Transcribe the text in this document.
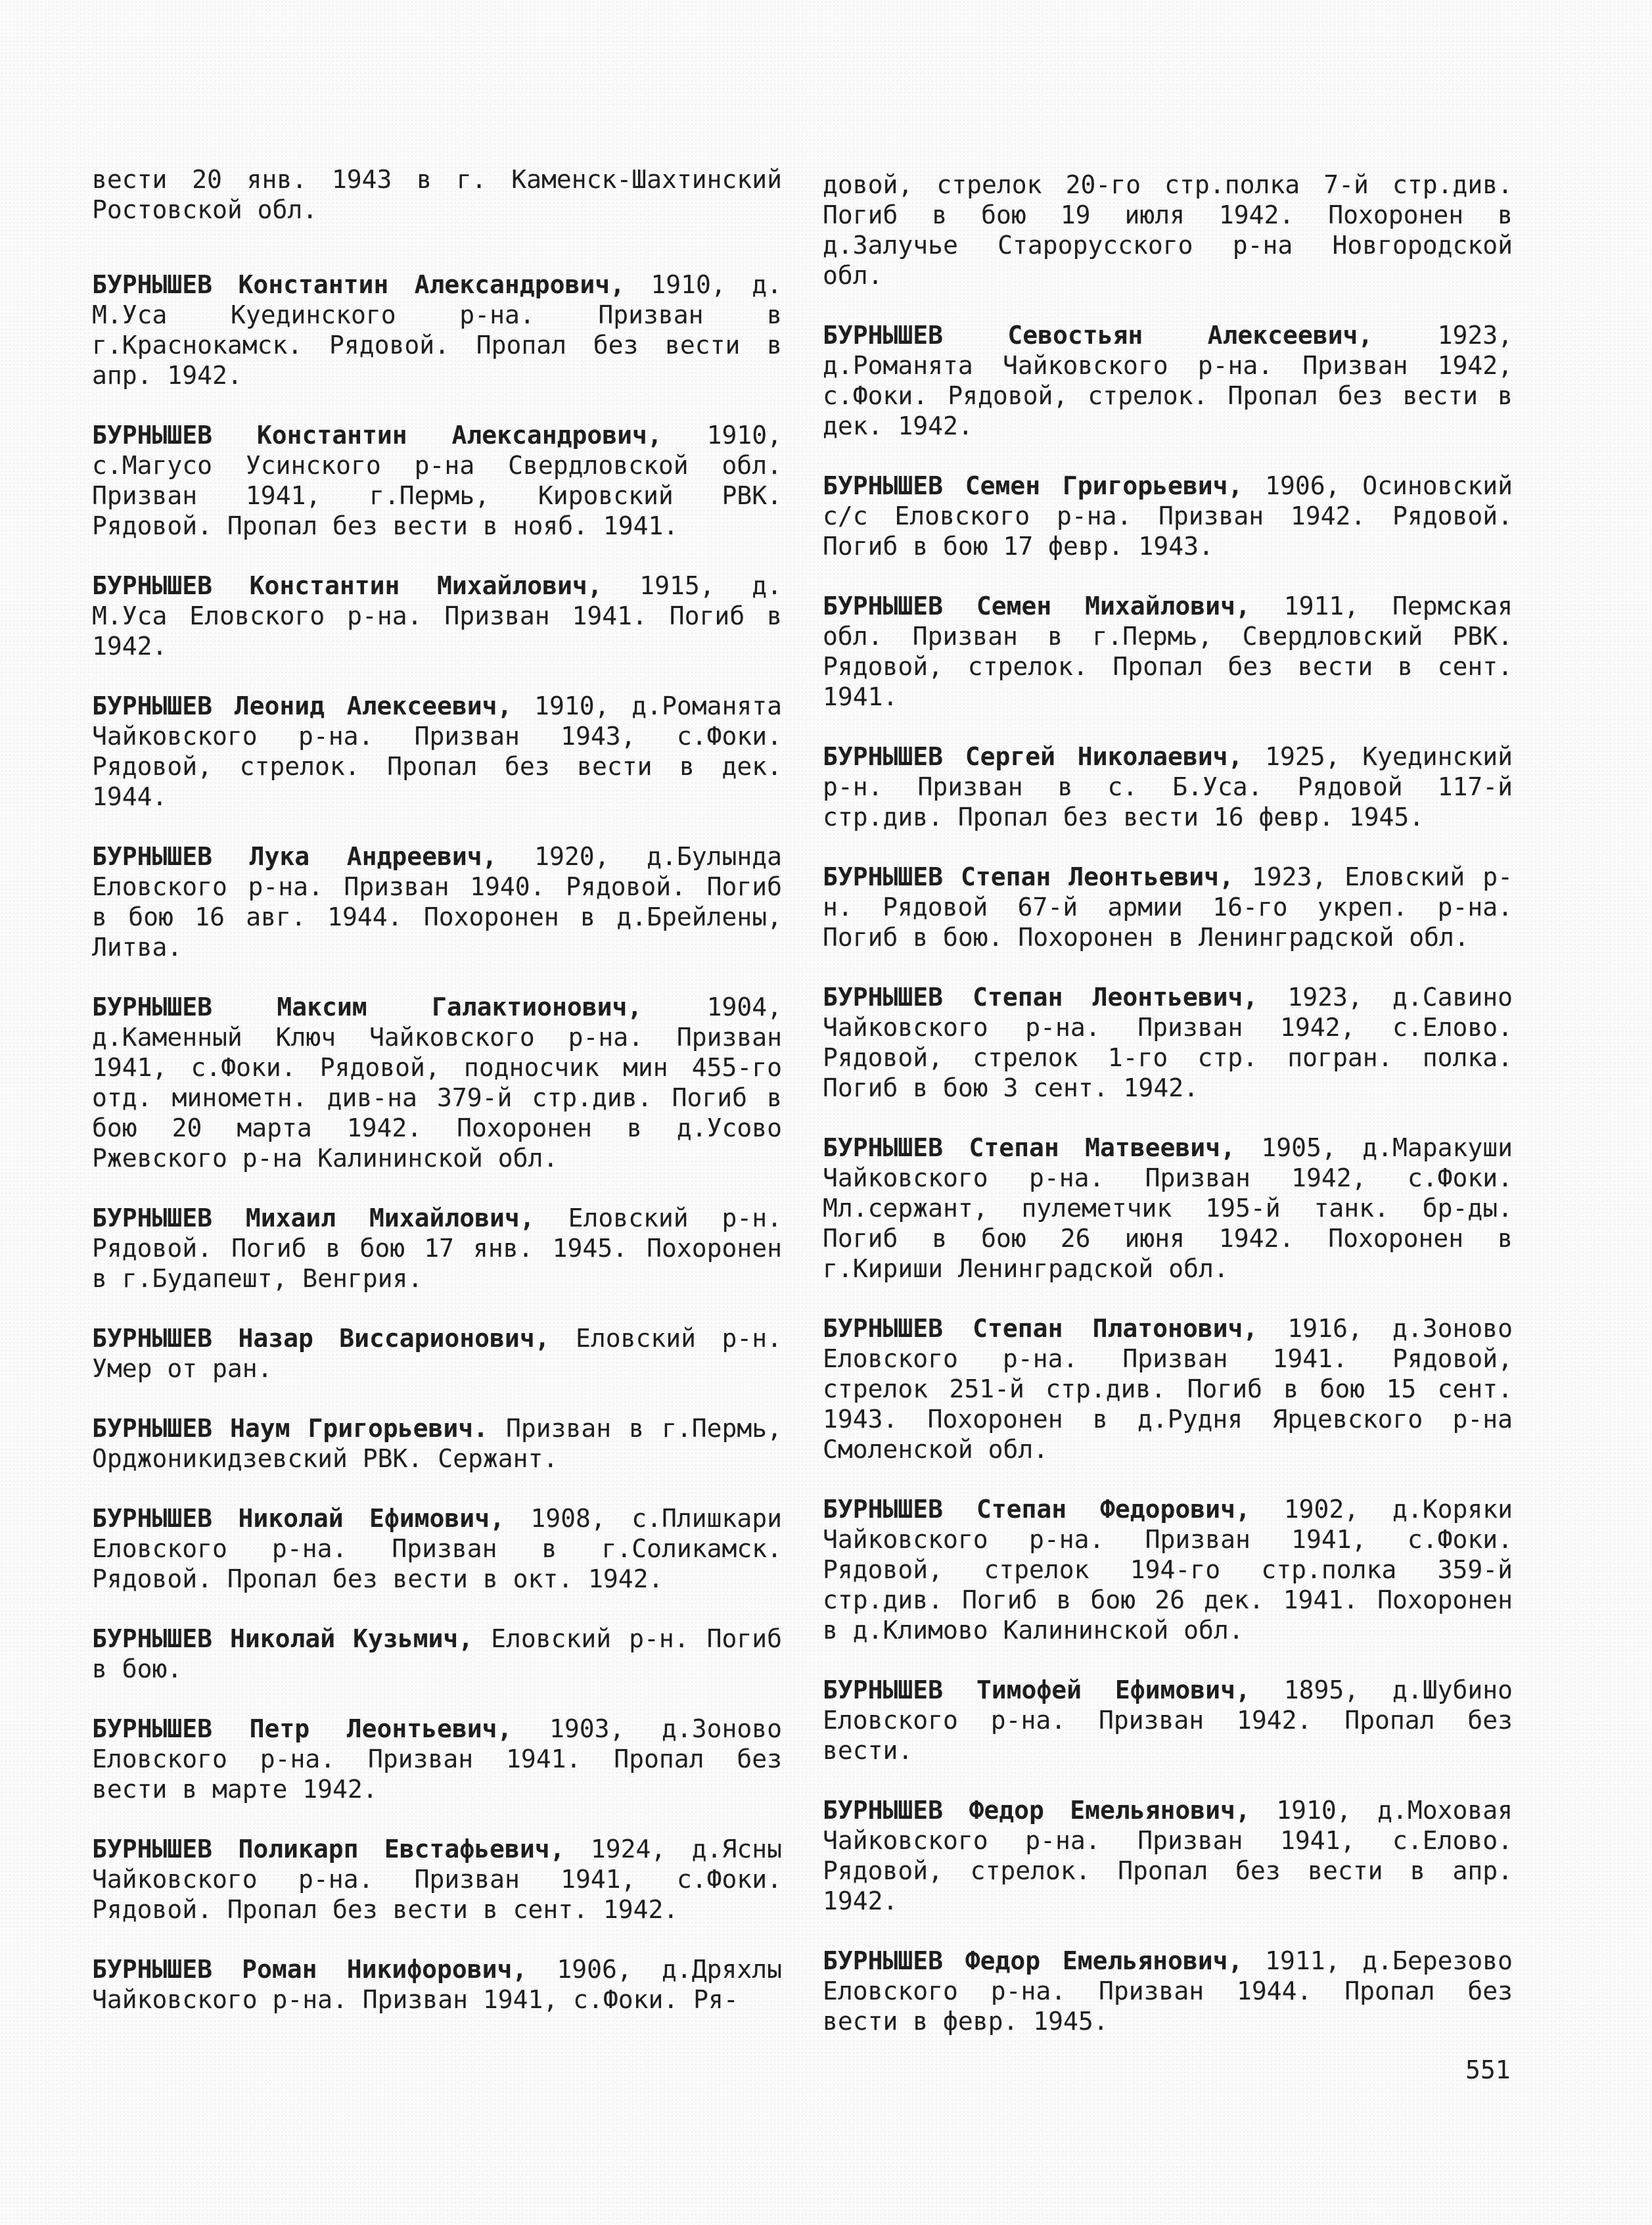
вести 20 янв. 1943 в г. Каменск-Шахтинский Ростовской обл.

БУРНЫШЕВ Константин Александрович, 1910, д. М.Уса Куединского р-на. Призван в г.Краснокамск. Рядовой. Пропал без вести в апр. 1942.

БУРНЫШЕВ Константин Александрович, 1910, с.Магусо Усинского р-на Свердловской обл. Призван 1941, г.Пермь, Кировский РВК. Рядовой. Пропал без вести в нояб. 1941.

БУРНЫШЕВ Константин Михайлович, 1915, д. М.Уса Еловского р-на. Призван 1941. Погиб в 1942.

БУРНЫШЕВ Леонид Алексеевич, 1910, д.Романята Чайковского р-на. Призван 1943, с.Фоки. Рядовой, стрелок. Пропал без вести в дек. 1944.

БУРНЫШЕВ Лука Андреевич, 1920, д.Булында Еловского р-на. Призван 1940. Рядовой. Погиб в бою 16 авг. 1944. Похоронен в д.Брейлены, Литва.

БУРНЫШЕВ Максим Галактионович,	1904, д.Каменный Ключ Чайковского р-на. Призван 1941, с.Фоки. Рядовой, подносчик мин 455-го отд. минометн. див-на 379-й стр.див. Погиб в бою 20 марта 1942. Похоронен в д.Усово Ржевского р-на Калининской обл.

БУРНЫШЕВ Михаил Михайлович, Еловский р-н. Рядовой. Погиб в бою 17 янв. 1945. Похоронен в г.Будапешт, Венгрия.

БУРНЫШЕВ Назар Виссарионович, Еловский р-н. Умер от ран.

БУРНЫШЕВ Наум Григорьевич. Призван в г.Пермь, Орджоникидзевский РВК. Сержант.

БУРНЫШЕВ Николай Ефимович, 1908, с.Плишкари Еловского р-на. Призван в г.Соликамск. Рядовой. Пропал без вести в окт. 1942.

БУРНЫШЕВ Николай Кузьмич, Еловский р-н. Погиб в бою.

БУРНЫШЕВ Петр Леонтьевич, 1903, д.Зоново Еловского р-на. Призван 1941. Пропал без вести в марте 1942.

БУРНЫШЕВ Поликарп Евстафьевич, 1924, д.Ясны Чайковского р-на. Призван 1941, с.Фоки. Рядовой. Пропал без вести в сент. 1942.

БУРНЫШЕВ Роман Никифорович, 1906, д.Дряхлы Чайковского р-на. Призван 1941, с.Фоки. Ря-

довой, стрелок 20-го стр.полка 7-й стр.див. Погиб в бою 19 июля 1942. Похоронен в д.Залучье Старорусского р-на Новгородской обл.

БУРНЫШЕВ Севостьян Алексеевич,	1923, д.Романята Чайковского р-на. Призван 1942, с.Фоки. Рядовой, стрелок. Пропал без вести в дек. 1942.

БУРНЫШЕВ Семен Григорьевич, 1906, Осиновский с/с Еловского р-на. Призван 1942. Рядовой. Погиб в бою 17 февр. 1943.

БУРНЫШЕВ Семен Михайлович, 1911, Пермская обл. Призван в г.Пермь, Свердловский РВК. Рядовой, стрелок. Пропал без вести в сент. 1941.

БУРНЫШЕВ Сергей Николаевич, 1925, Куединский р-н. Призван в с. Б.Уса. Рядовой 117-й стр.див. Пропал без вести 16 февр. 1945.

БУРНЫШЕВ Степан Леонтьевич, 1923, Еловский р-н. Рядовой 67-й армии 16-го укреп. р-на. Погиб в бою. Похоронен в Ленинградской обл.

БУРНЫШЕВ Степан Леонтьевич, 1923, д.Савино Чайковского р-на. Призван 1942, с.Елово. Рядовой, стрелок 1-го стр. погран. полка. Погиб в бою 3 сент. 1942.

БУРНЫШЕВ Степан Матвеевич, 1905, д.Маракуши Чайковского р-на. Призван 1942, с.Фоки. Мл.сержант, пулеметчик 195-й танк. бр-ды. Погиб в бою 26 июня 1942. Похоронен в г.Кириши Ленинградской обл.

БУРНЫШЕВ Степан Платонович, 1916, д.Зоново Еловского р-на. Призван 1941. Рядовой, стрелок 251-й стр.див. Погиб в бою 15 сент. 1943. Похоронен в д.Рудня Ярцевского р-на Смоленской обл.

БУРНЫШЕВ Степан Федорович, 1902, д.Коряки Чайковского р-на. Призван 1941, с.Фоки. Рядовой, стрелок 194-го стр.полка 359-й стр.див. Погиб в бою 26 дек. 1941. Похоронен в д.Климово Калининской обл.

БУРНЫШЕВ Тимофей Ефимович, 1895, д.Шубино Еловского р-на. Призван 1942. Пропал без вести.

БУРНЫШЕВ Федор Емельянович, 1910, д.Моховая Чайковского р-на. Призван 1941, с.Елово. Рядовой, стрелок. Пропал без вести в апр. 1942.

БУРНЫШЕВ Федор Емельянович, 1911, д.Березово Еловского р-на. Призван 1944. Пропал без вести в февр. 1945.

551
